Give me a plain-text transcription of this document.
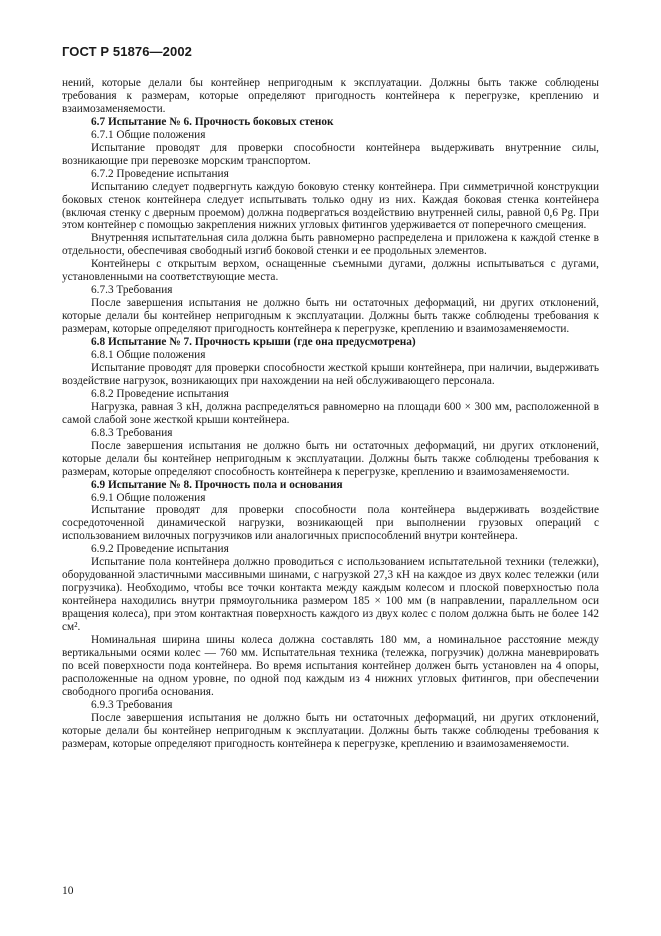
ГОСТ Р 51876—2002

нений, которые делали бы контейнер непригодным к эксплуатации. Должны быть также соблюдены требования к размерам, которые определяют пригодность контейнера к перегрузке, креплению и взаимозаменяемости.

6.7 Испытание № 6. Прочность боковых стенок

6.7.1 Общие положения

Испытание проводят для проверки способности контейнера выдерживать внутренние силы, возникающие при перевозке морским транспортом.

6.7.2 Проведение испытания

Испытанию следует подвергнуть каждую боковую стенку контейнера. При симметричной конструкции боковых стенок контейнера следует испытывать только одну из них. Каждая боковая стенка контейнера (включая стенку с дверным проемом) должна подвергаться воздействию внутренней силы, равной 0,6 Pg. При этом контейнер с помощью закрепления нижних угловых фитингов удерживается от поперечного смещения.

Внутренняя испытательная сила должна быть равномерно распределена и приложена к каждой стенке в отдельности, обеспечивая свободный изгиб боковой стенки и ее продольных элементов.

Контейнеры с открытым верхом, оснащенные съемными дугами, должны испытываться с дугами, установленными на соответствующие места.

6.7.3 Требования

После завершения испытания не должно быть ни остаточных деформаций, ни других отклонений, которые делали бы контейнер непригодным к эксплуатации. Должны быть также соблюдены требования к размерам, которые определяют пригодность контейнера к перегрузке, креплению и взаимозаменяемости.

6.8 Испытание № 7. Прочность крыши (где она предусмотрена)

6.8.1 Общие положения

Испытание проводят для проверки способности жесткой крыши контейнера, при наличии, выдерживать воздействие нагрузок, возникающих при нахождении на ней обслуживающего персонала.

6.8.2 Проведение испытания

Нагрузка, равная 3 кН, должна распределяться равномерно на площади 600 × 300 мм, расположенной в самой слабой зоне жесткой крыши контейнера.

6.8.3 Требования

После завершения испытания не должно быть ни остаточных деформаций, ни других отклонений, которые делали бы контейнер непригодным к эксплуатации. Должны быть также соблюдены требования к размерам, которые определяют способность контейнера к перегрузке, креплению и взаимозаменяемости.

6.9 Испытание № 8. Прочность пола и основания

6.9.1 Общие положения

Испытание проводят для проверки способности пола контейнера выдерживать воздействие сосредоточенной динамической нагрузки, возникающей при выполнении грузовых операций с использованием вилочных погрузчиков или аналогичных приспособлений внутри контейнера.

6.9.2 Проведение испытания

Испытание пола контейнера должно проводиться с использованием испытательной техники (тележки), оборудованной эластичными массивными шинами, с нагрузкой 27,3 кН на каждое из двух колес тележки (или погрузчика). Необходимо, чтобы все точки контакта между каждым колесом и плоской поверхностью пола контейнера находились внутри прямоугольника размером 185 × 100 мм (в направлении, параллельном оси вращения колеса), при этом контактная поверхность каждого из двух колес с полом должна быть не более 142 см².

Номинальная ширина шины колеса должна составлять 180 мм, а номинальное расстояние между вертикальными осями колес — 760 мм. Испытательная техника (тележка, погрузчик) должна маневрировать по всей поверхности пода контейнера. Во время испытания контейнер должен быть установлен на 4 опоры, расположенные на одном уровне, по одной под каждым из 4 нижних угловых фитингов, при обеспечении свободного прогиба основания.

6.9.3 Требования

После завершения испытания не должно быть ни остаточных деформаций, ни других отклонений, которые делали бы контейнер непригодным к эксплуатации. Должны быть также соблюдены требования к размерам, которые определяют пригодность контейнера к перегрузке, креплению и взаимозаменяемости.

10
